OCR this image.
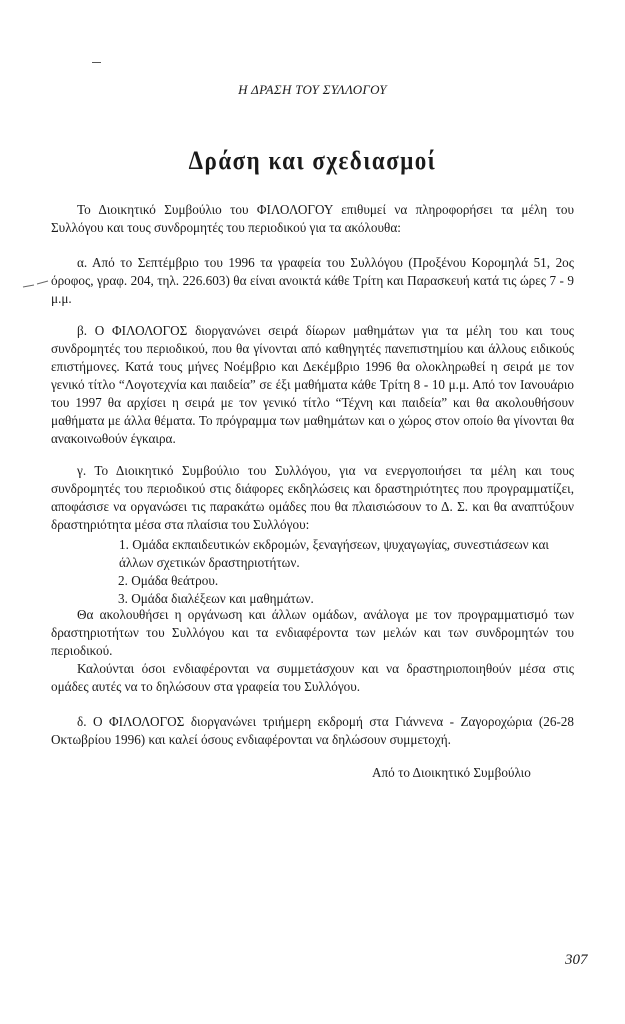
Η ΔΡΑΣΗ ΤΟΥ ΣΥΛΛΟΓΟΥ
Δράση και σχεδιασμοί
Το Διοικητικό Συμβούλιο του ΦΙΛΟΛΟΓΟΥ επιθυμεί να πληροφορήσει τα μέλη του Συλλόγου και τους συνδρομητές του περιοδικού για τα ακόλουθα:
α. Από το Σεπτέμβριο του 1996 τα γραφεία του Συλλόγου (Προξένου Κορομηλά 51, 2ος όροφος, γραφ. 204, τηλ. 226.603) θα είναι ανοικτά κάθε Τρίτη και Παρασκευή κατά τις ώρες 7 - 9 μ.μ.
β. Ο ΦΙΛΟΛΟΓΟΣ διοργανώνει σειρά δίωρων μαθημάτων για τα μέλη του και τους συνδρομητές του περιοδικού, που θα γίνονται από καθηγητές πανεπιστημίου και άλλους ειδικούς επιστήμονες. Κατά τους μήνες Νοέμβριο και Δεκέμβριο 1996 θα ολοκληρωθεί η σειρά με τον γενικό τίτλο “Λογοτεχνία και παιδεία” σε έξι μαθήματα κάθε Τρίτη 8 - 10 μ.μ. Από τον Ιανουάριο του 1997 θα αρχίσει η σειρά με τον γενικό τίτλο “Τέχνη και παιδεία” και θα ακολουθήσουν μαθήματα με άλλα θέματα. Το πρόγραμμα των μαθημάτων και ο χώρος στον οποίο θα γίνονται θα ανακοινωθούν έγκαιρα.
γ. Το Διοικητικό Συμβούλιο του Συλλόγου, για να ενεργοποιήσει τα μέλη και τους συνδρομητές του περιοδικού στις διάφορες εκδηλώσεις και δραστηριότητες που προγραμματίζει, αποφάσισε να οργανώσει τις παρακάτω ομάδες που θα πλαισιώσουν το Δ. Σ. και θα αναπτύξουν δραστηριότητα μέσα στα πλαίσια του Συλλόγου:
1. Ομάδα εκπαιδευτικών εκδρομών, ξεναγήσεων, ψυχαγωγίας, συνεστιάσεων και άλλων σχετικών δραστηριοτήτων.
2. Ομάδα θεάτρου.
3. Ομάδα διαλέξεων και μαθημάτων.
Θα ακολουθήσει η οργάνωση και άλλων ομάδων, ανάλογα με τον προγραμματισμό των δραστηριοτήτων του Συλλόγου και τα ενδιαφέροντα των μελών και των συνδρομητών του περιοδικού.
Καλούνται όσοι ενδιαφέρονται να συμμετάσχουν και να δραστηριοποιηθούν μέσα στις ομάδες αυτές να το δηλώσουν στα γραφεία του Συλλόγου.
δ. Ο ΦΙΛΟΛΟΓΟΣ διοργανώνει τριήμερη εκδρομή στα Γιάννενα - Ζαγοροχώρια (26-28 Οκτωβρίου 1996) και καλεί όσους ενδιαφέρονται να δηλώσουν συμμετοχή.
Από το Διοικητικό Συμβούλιο
307
